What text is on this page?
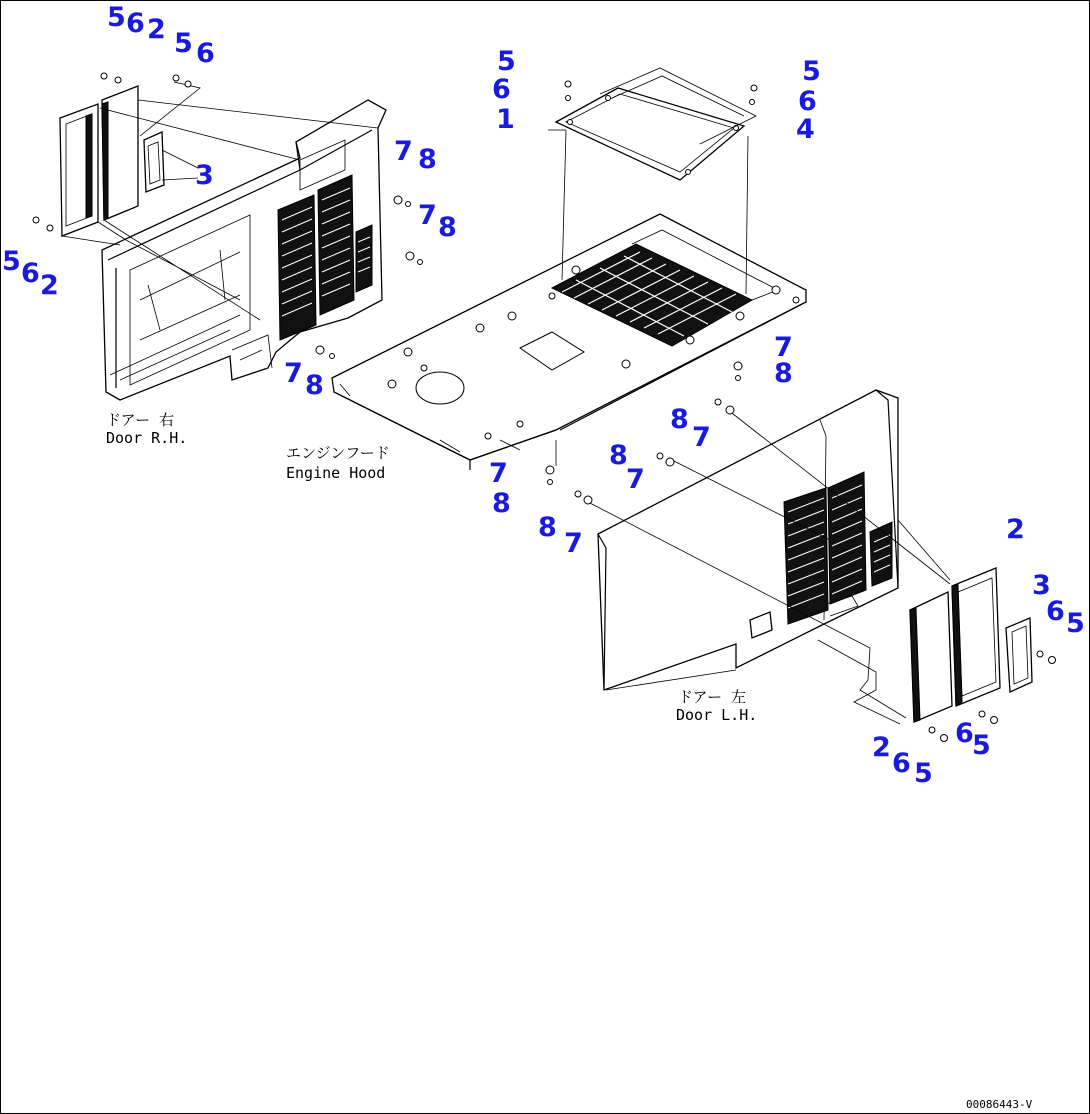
5 6 2 5 6
3
5 6 2
7 8
7 8
7 8
5
6
1
5
6
4
7
8
7
8
8
7
8
7
8
7	2
3
6 5
2
6 5
6
5
ドアー 右
Door R.H.
エンジンフード
Engine Hood
ドアー 左
Door L.H.
00086443-V
